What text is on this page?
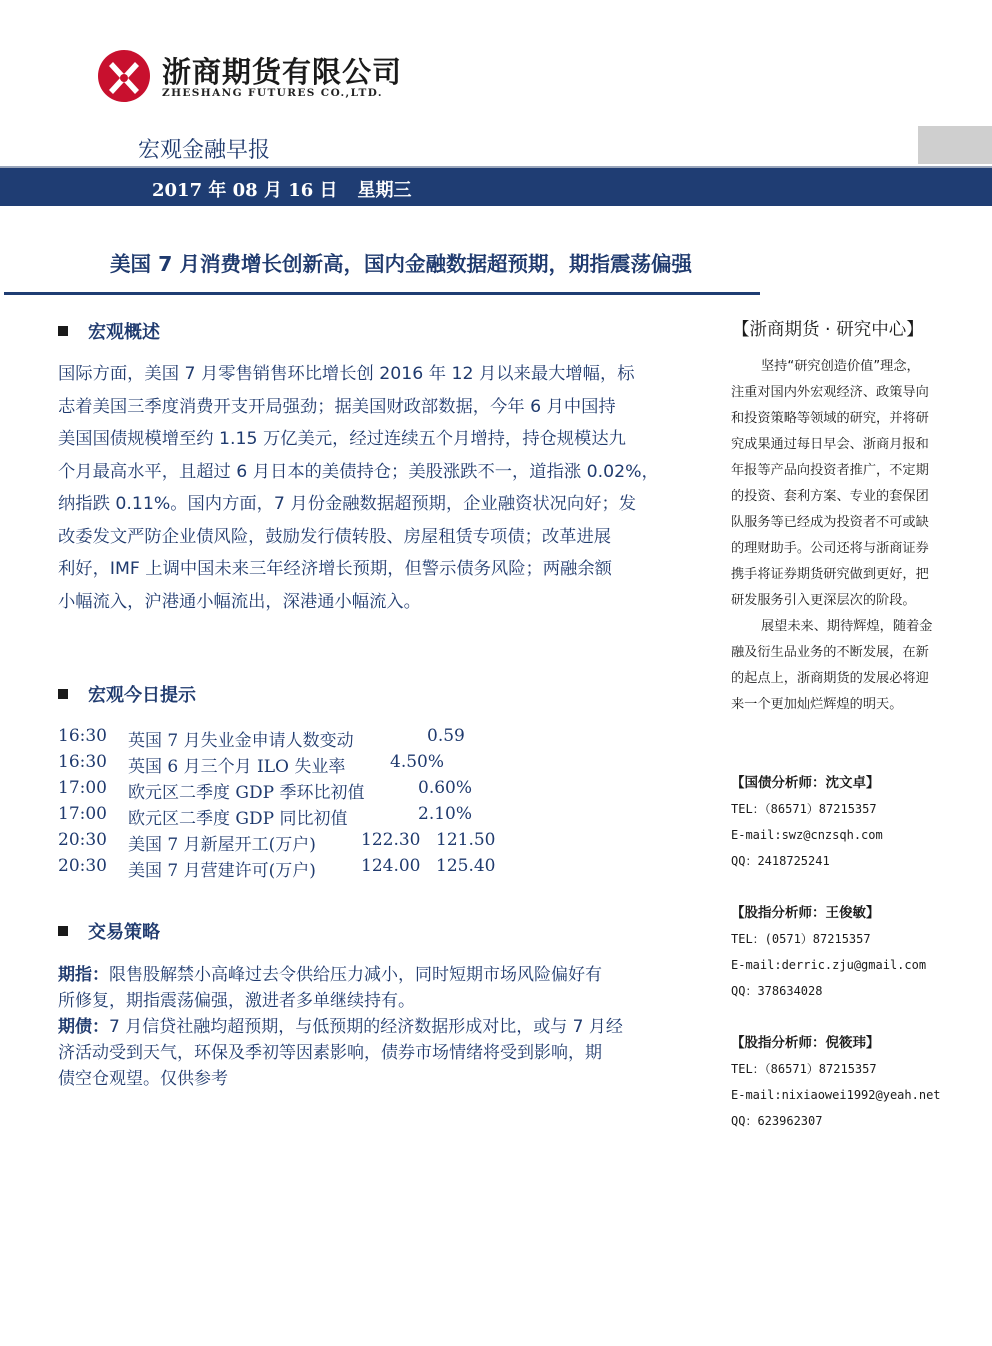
浙商期货有限公司
ZHESHANG FUTURES CO.,LTD.
宏观金融早报
2017 年 08 月 16 日 星期三
美国 7 月消费增长创新高，国内金融数据超预期，期指震荡偏强
宏观概述
国际方面，美国 7 月零售销售环比增长创 2016 年 12 月以来最大增幅，标
志着美国三季度消费开支开局强劲；据美国财政部数据，今年 6 月中国持
美国国债规模增至约 1.15 万亿美元，经过连续五个月增持，持仓规模达九
个月最高水平，且超过 6 月日本的美债持仓；美股涨跌不一，道指涨 0.02%，
纳指跌 0.11%。国内方面，7 月份金融数据超预期，企业融资状况向好；发
改委发文严防企业债风险，鼓励发行债转股、房屋租赁专项债；改革进展
利好，IMF 上调中国未来三年经济增长预期，但警示债务风险；两融余额
小幅流入，沪港通小幅流出，深港通小幅流入。
宏观今日提示
16:30 英国 7 月失业金申请人数变动	0.59
16:30 英国 6 月三个月 ILO 失业率	4.50%
17:00 欧元区二季度 GDP 季环比初值	0.60%
17:00 欧元区二季度 GDP 同比初值	2.10%
20:30 美国 7 月新屋开工(万户)	122.30 121.50
20:30 美国 7 月营建许可(万户)	124.00 125.40
交易策略
期指：限售股解禁小高峰过去令供给压力减小，同时短期市场风险偏好有
所修复，期指震荡偏强，激进者多单继续持有。
期债：7 月信贷社融均超预期，与低预期的经济数据形成对比，或与 7 月经
济活动受到天气，环保及季初等因素影响，债券市场情绪将受到影响，期
债空仓观望。仅供参考
【浙商期货 · 研究中心】
坚持“研究创造价值”理念，
注重对国内外宏观经济、政策导向
和投资策略等领域的研究，并将研
究成果通过每日早会、浙商月报和
年报等产品向投资者推广，不定期
的投资、套利方案、专业的套保团
队服务等已经成为投资者不可或缺
的理财助手。公司还将与浙商证券
携手将证券期货研究做到更好，把
研发服务引入更深层次的阶段。
展望未来、期待辉煌，随着金
融及衍生品业务的不断发展，在新
的起点上，浙商期货的发展必将迎
来一个更加灿烂辉煌的明天。
【国债分析师：沈文卓】
TEL：（86571）87215357
E-mail:swz@cnzsqh.com
QQ：2418725241
【股指分析师：王俊敏】
TEL：(0571）87215357
E-mail:derric.zju@gmail.com
QQ：378634028
【股指分析师：倪筱玮】
TEL：（86571）87215357
E-mail:nixiaowei1992@yeah.net
QQ：623962307
